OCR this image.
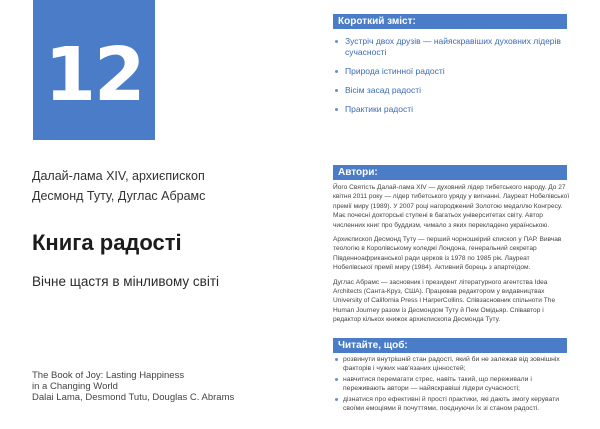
12
Далай-лама XIV, архиєпископ
Десмонд Туту, Дуглас Абрамс
Книга радості
Вічне щастя в мінливому світі
The Book of Joy: Lasting Happiness
in a Changing World
Dalai Lama, Desmond Tutu, Douglas C. Abrams
Короткий зміст:
Зустріч двох друзів — найяскравіших духовних лідерів сучасності
Природа істинної радості
Вісім засад радості
Практики радості
Автори:

Його Святість Далай-лама XIV — духовний лідер тибетського народу. До 27 квітня 2011 року — лідер тибетського уряду у вигнанні. Лауреат Нобелівської премії миру (1989). У 2007 році нагороджений Золотою медаллю Конгресу. Має почесні докторські ступені в багатьох університетах світу. Автор численних книг про буддизм, чимало з яких перекладено українською.

Архиєпископ Десмонд Туту — перший чорношкірий єпископ у ПАР. Вивчав теологію в Королівському коледжі Лондона, генеральний секретар Південноафриканської ради церков із 1978 по 1985 рік. Лауреат Нобелівської премії миру (1984). Активний борець з апартеїдом.

Дуглас Абрамс — засновник і президент літературного агентства Idea Architects (Санта-Круз, США). Працював редактором у видавництвах University of California Press і HarperCollins. Співзасновник спільноти The Human Journey разом із Десмондом Туту й Пем Омідьяр. Співавтор і редактор кількох книжок архиєпископа Десмонда Туту.

Читайте, щоб:
розвинути внутрішній стан радості, який би не залежав від зовнішніх факторів і чужих нав'язаних цінностей;
навчитися перемагати стрес, навіть такий, що переживали і переживають автори — найяскравіші лідери сучасності;
дізнатися про ефективні й прості практики, які дають змогу керувати своїми емоціями й почуттями, поєднуючи їх зі станом радості.
